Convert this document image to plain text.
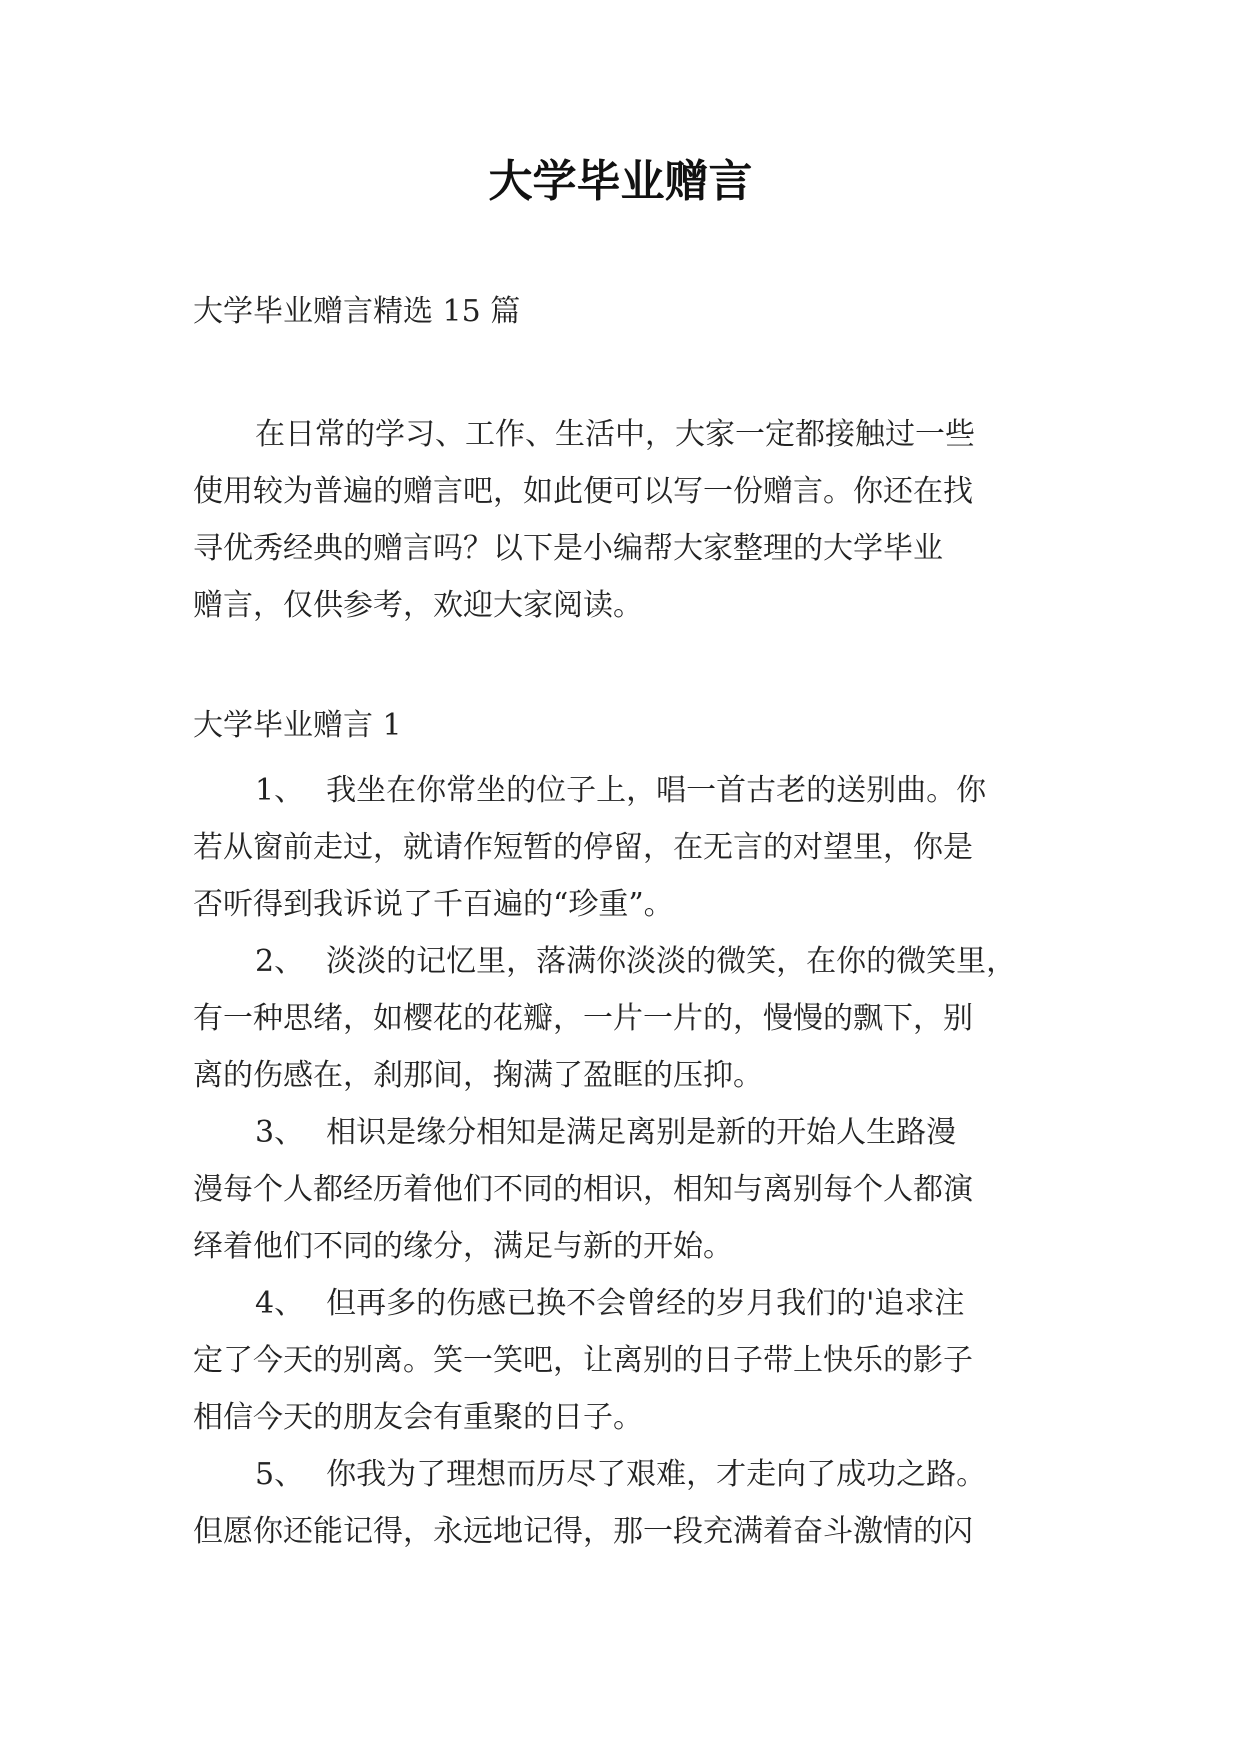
大学毕业赠言
大学毕业赠言精选 15 篇
在日常的学习、工作、生活中，大家一定都接触过一些
使用较为普遍的赠言吧，如此便可以写一份赠言。你还在找
寻优秀经典的赠言吗？以下是小编帮大家整理的大学毕业
赠言，仅供参考，欢迎大家阅读。
大学毕业赠言 1
1、 我坐在你常坐的位子上，唱一首古老的送别曲。你
若从窗前走过，就请作短暂的停留，在无言的对望里，你是
否听得到我诉说了千百遍的“珍重”。
2、 淡淡的记忆里，落满你淡淡的微笑，在你的微笑里，
有一种思绪，如樱花的花瓣，一片一片的，慢慢的飘下，别
离的伤感在，刹那间，掬满了盈眶的压抑。
3、 相识是缘分相知是满足离别是新的开始人生路漫
漫每个人都经历着他们不同的相识，相知与离别每个人都演
绎着他们不同的缘分，满足与新的开始。
4、 但再多的伤感已换不会曾经的岁月我们的'追求注
定了今天的别离。笑一笑吧，让离别的日子带上快乐的影子
相信今天的朋友会有重聚的日子。
5、 你我为了理想而历尽了艰难，才走向了成功之路。
但愿你还能记得，永远地记得，那一段充满着奋斗激情的闪
